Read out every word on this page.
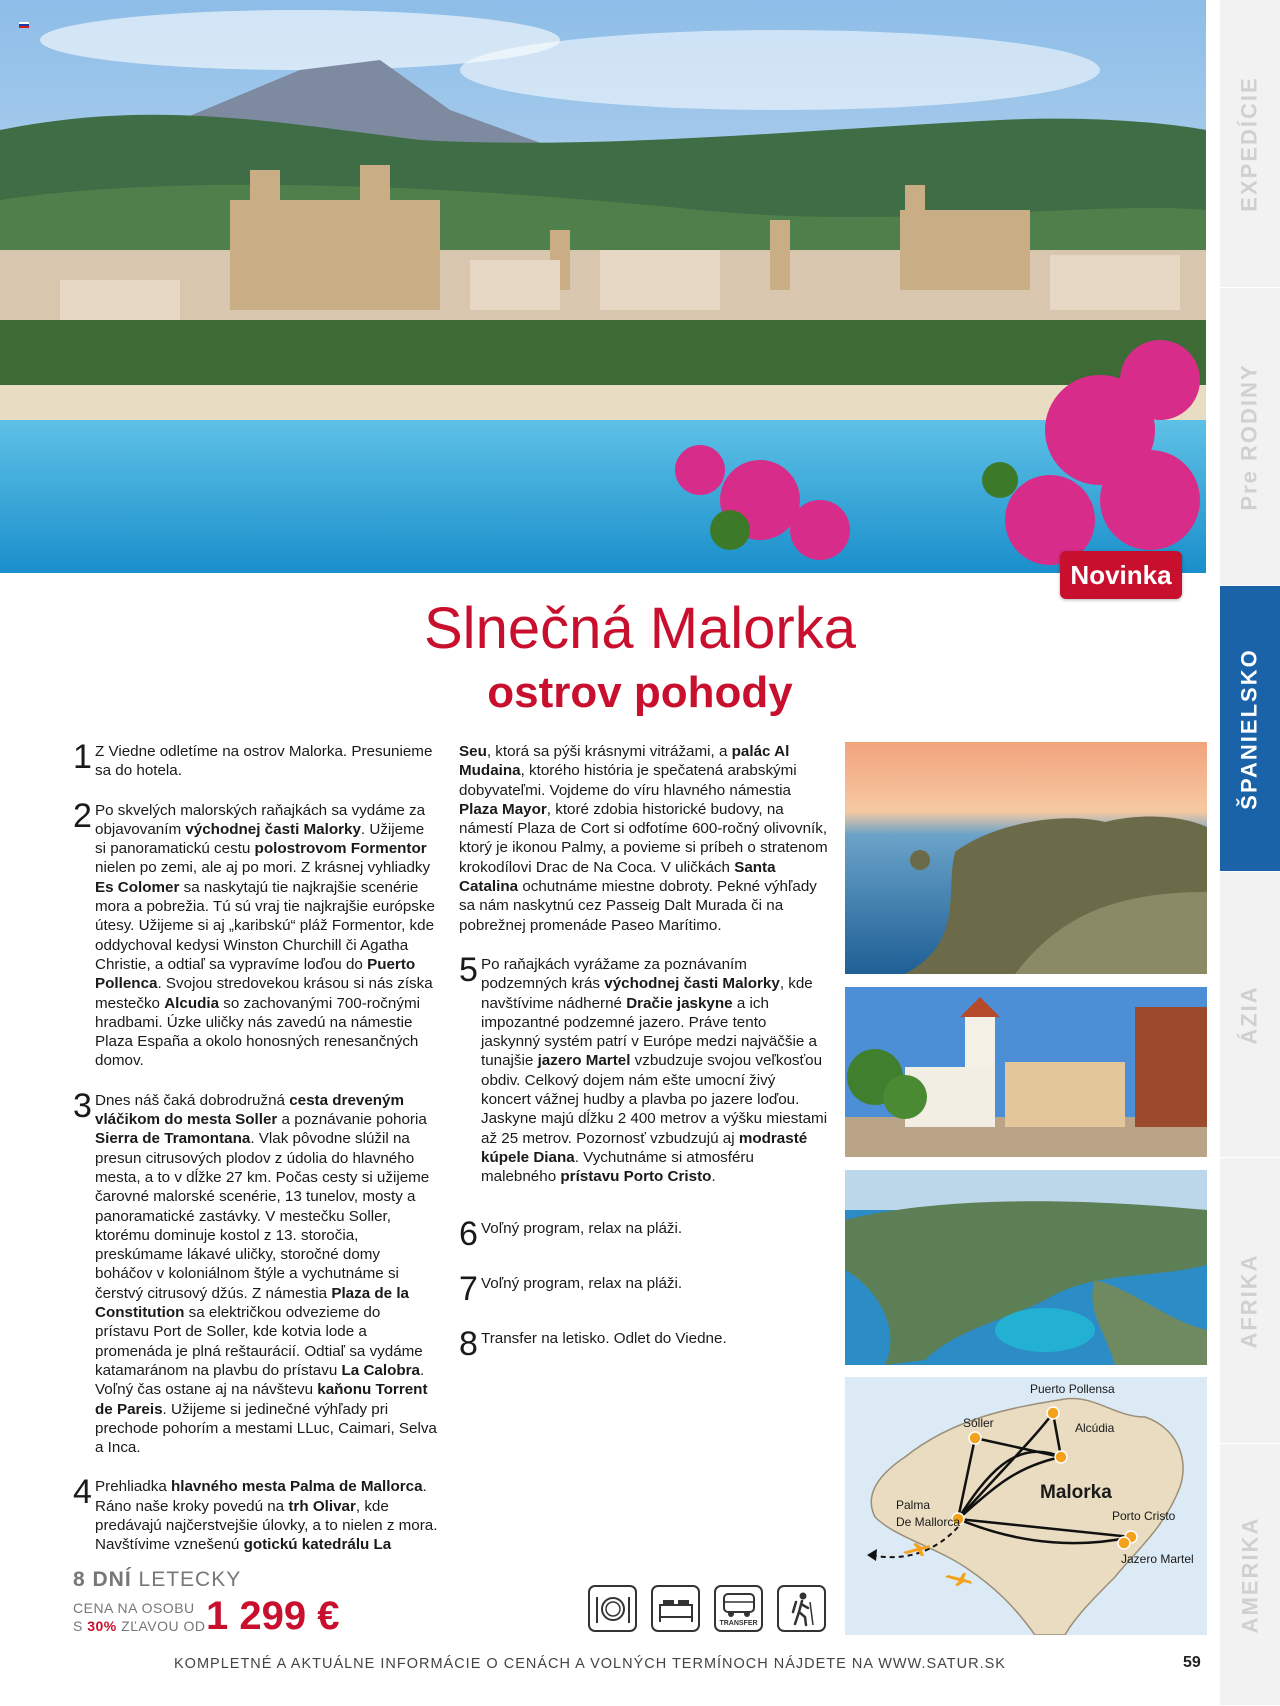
Novinka
EXPEDÍCIE
Pre RODINY
ŠPANIELSKO
ÁZIA
AFRIKA
AMERIKA
Slnečná Malorka
ostrov pohody
1 Z Viedne odletíme na ostrov Malorka. Presunieme sa do hotela.

2 Po skvelých malorských raňajkách sa vydáme za objavovaním východnej časti Malorky. Užijeme si panoramatickú cestu polostrovom Formentor nielen po zemi, ale aj po mori. Z krásnej vyhliadky Es Colomer sa naskytajú tie najkrajšie scenérie mora a pobrežia. Tú sú vraj tie najkrajšie európske útesy. Užijeme si aj „karibskú“ pláž Formentor, kde oddychoval kedysi Winston Churchill či Agatha Christie, a odtiaľ sa vypravíme loďou do Puerto Pollenca. Svojou stredovekou krásou si nás získa mestečko Alcudia so zachovanými 700-ročnými hradbami. Úzke uličky nás zavedú na námestie Plaza España a okolo honosných renesančných domov.

3 Dnes náš čaká dobrodružná cesta dreveným vláčikom do mesta Soller a poznávanie pohoria Sierra de Tramontana. Vlak pôvodne slúžil na presun citrusových plodov z údolia do hlavného mesta, a to v dĺžke 27 km. Počas cesty si užijeme čarovné malorské scenérie, 13 tunelov, mosty a panoramatické zastávky. V mestečku Soller, ktorému dominuje kostol z 13. storočia, preskúmame lákavé uličky, storočné domy boháčov v koloniálnom štýle a vychutnáme si čerstvý citrusový džús. Z námestia Plaza de la Constitution sa električkou odvezieme do prístavu Port de Soller, kde kotvia lode a promenáda je plná reštaurácií. Odtiaľ sa vydáme katamaránom na plavbu do prístavu La Calobra. Voľný čas ostane aj na návštevu kaňonu Torrent de Pareis. Užijeme si jedinečné výhľady pri prechode pohorím a mestami LLuc, Caimari, Selva a Inca.

4 Prehliadka hlavného mesta Palma de Mallorca. Ráno naše kroky povedú na trh Olivar, kde predávajú najčerstvejšie úlovky, a to nielen z mora. Navštívime vznešenú gotickú katedrálu La

Seu, ktorá sa pýši krásnymi vitrážami, a palác Al Mudaina, ktorého história je spečatená arabskými dobyvateľmi. Vojdeme do víru hlavného námestia Plaza Mayor, ktoré zdobia historické budovy, na námestí Plaza de Cort si odfotíme 600-ročný olivovník, ktorý je ikonou Palmy, a povieme si príbeh o stratenom krokodílovi Drac de Na Coca. V uličkách Santa Catalina ochutnáme miestne dobroty. Pekné výhľady sa nám naskytnú cez Passeig Dalt Murada či na pobrežnej promenáde Paseo Marítimo.

5 Po raňajkách vyrážame za poznávaním podzemných krás východnej časti Malorky, kde navštívime nádherné Dračie jaskyne a ich impozantné podzemné jazero. Práve tento jaskynný systém patrí v Európe medzi najväčšie a tunajšie jazero Martel vzbudzuje svojou veľkosťou obdiv. Celkový dojem nám ešte umocní živý koncert vážnej hudby a plavba po jazere loďou. Jaskyne majú dĺžku 2 400 metrov a výšku miestami až 25 metrov. Pozornosť vzbudzujú aj modrasté kúpele Diana. Vychutnáme si atmosféru malebného prístavu Porto Cristo.

6 Voľný program, relax na pláži.

7 Voľný program, relax na pláži.

8 Transfer na letisko. Odlet do Viedne.

Puerto Pollensa
Sóller	Alcúdia
Malorka
Palma
De Mallorca	Porto Cristo
Jazero Martel
8 DNÍ LETECKY
CENA NA OSOBU
S 30% ZĽAVOU OD 1 299 €	TRANSFER
KOMPLETNÉ A AKTUÁLNE INFORMÁCIE O CENÁCH A VOLNÝCH TERMÍNOCH NÁJDETE NA WWW.SATUR.SK	59
